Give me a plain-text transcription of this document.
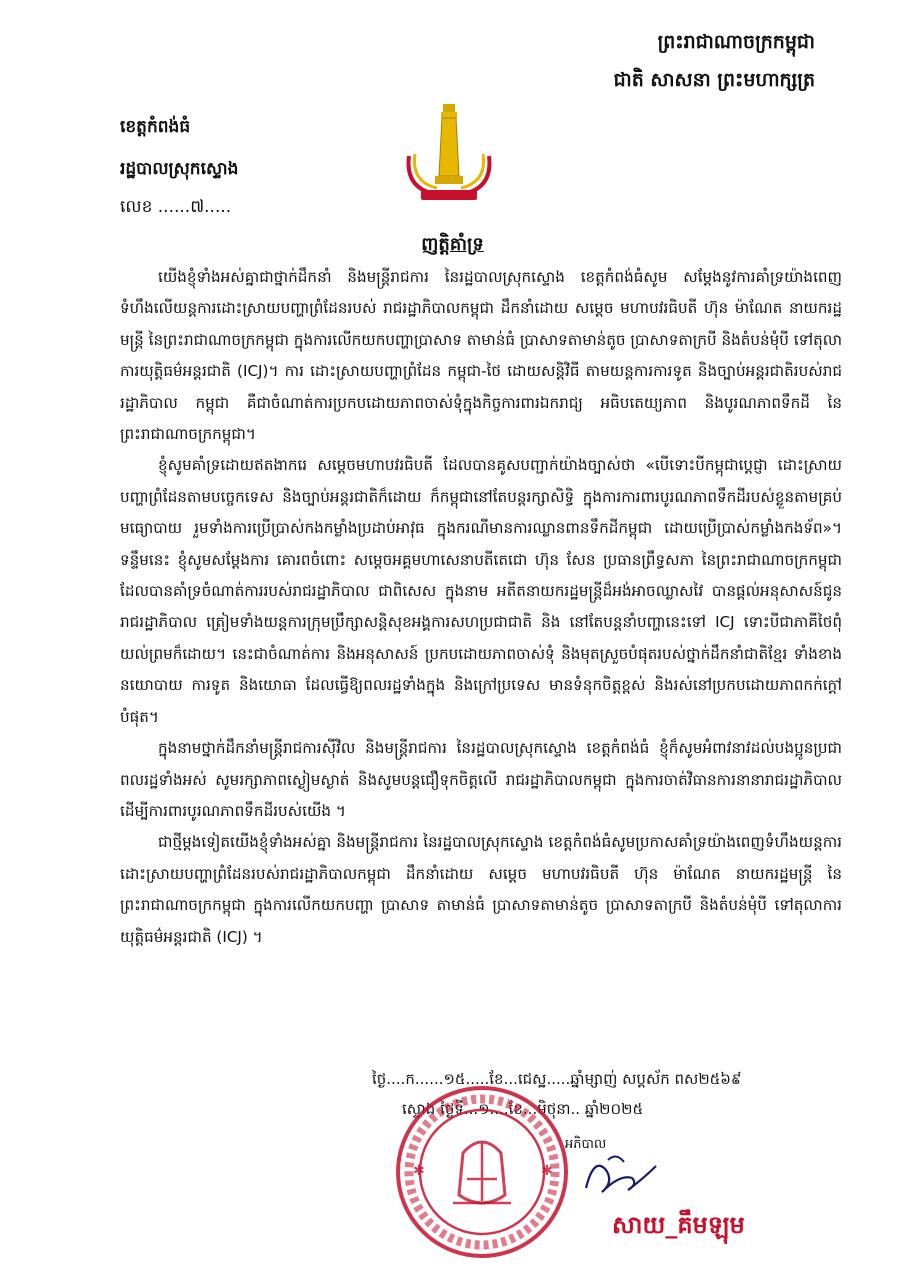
ព្រះរាជាណាចក្រកម្ពុជា
ជាតិ សាសនា ព្រះមហាក្សត្រ
ខេត្តកំពង់ធំ
រដ្ឋបាលស្រុកស្ទោង
លេខ ......៧.....
ញត្តិគាំទ្រ

យើងខ្ញុំទាំងអស់គ្នាជាថ្នាក់ដឹកនាំ និងមន្ត្រីរាជការ នៃរដ្ឋបាលស្រុកស្ទោង ខេត្តកំពង់ធំសូម សម្តែងនូវការគាំទ្រយ៉ាងពេញទំហឹងលើយន្តការដោះស្រាយបញ្ហាព្រំដែនរបស់ រាជរដ្ឋាភិបាលកម្ពុជា ដឹកនាំដោយ សម្តេច មហាបវរធិបតី ហ៊ុន ម៉ាណែត នាយករដ្ឋមន្ត្រី នៃព្រះរាជាណាចក្រកម្ពុជា ក្នុងការលើកយកបញ្ហាប្រាសាទ តាមាន់ធំ ប្រាសាទតាមាន់តូច ប្រាសាទតាក្របី និងតំបន់មុំបី ទៅតុលាការយុត្តិធម៌អន្តរជាតិ (ICJ)។ ការ ដោះស្រាយបញ្ហាព្រំដែន កម្ពុជា-ថៃ ដោយសន្តិវិធី តាមយន្តការការទូត និងច្បាប់អន្តរជាតិរបស់រាជរដ្ឋាភិបាល កម្ពុជា គឺជាចំណាត់ការប្រកបដោយភាពចាស់ទុំក្នុងកិច្ចការពារឯករាជ្យ អធិបតេយ្យភាព និងបូរណភាពទឹកដី នៃព្រះរាជាណាចក្រកម្ពុជា។

ខ្ញុំសូមគាំទ្រដោយឥតងាករេ សម្តេចមហាបវរធិបតី ដែលបានគូសបញ្ជាក់យ៉ាងច្បាស់ថា «បើទោះបីកម្ពុជាប្តេជ្ញា ដោះស្រាយបញ្ហាព្រំដែនតាមបច្ចេកទេស និងច្បាប់អន្តរជាតិក៏ដោយ ក៏កម្ពុជានៅតែបន្តរក្សាសិទ្ធិ ក្នុងការការពារបូរណភាពទឹកដីរបស់ខ្លួនតាមគ្រប់មធ្យោបាយ រួមទាំងការប្រើប្រាស់កងកម្លាំងប្រដាប់អាវុធ ក្នុងករណីមានការឈ្លានពានទឹកដីកម្ពុជា ដោយប្រើប្រាស់កម្លាំងកងទ័ព»។ ទន្ទឹមនេះ ខ្ញុំសូមសម្តែងការ គោរពចំពោះ សម្តេចអគ្គមហាសេនាបតីតេជោ ហ៊ុន សែន ប្រធានព្រឹទ្ធសភា នៃព្រះរាជាណាចក្រកម្ពុជា ដែលបានគាំទ្រចំណាត់ការរបស់រាជរដ្ឋាភិបាល ជាពិសេស ក្នុងនាម អតីតនាយករដ្ឋមន្ត្រីដ៏អង់អាចឈ្លាសវៃ បានផ្តល់អនុសាសន៍ជូនរាជរដ្ឋាភិបាល ត្រៀមទាំងយន្តការក្រុមប្រឹក្សាសន្តិសុខអង្គការសហប្រជាជាតិ និង នៅតែបន្តនាំបញ្ហានេះទៅ ICJ ទោះបីជាភាគីថៃពុំយល់ព្រមក៏ដោយ។ នេះជាចំណាត់ការ និងអនុសាសន៍ ប្រកបដោយភាពចាស់ទុំ និងមុតស្រួចបំផុតរបស់ថ្នាក់ដឹកនាំជាតិខ្មែរ ទាំងខាងនយោបាយ ការទូត និងយោធា ដែលធ្វើឱ្យពលរដ្ឋទាំងក្នុង និងក្រៅប្រទេស មានទំនុកចិត្តខ្ពស់ និងរស់នៅប្រកបដោយភាពកក់ក្តៅបំផុត។

ក្នុងនាមថ្នាក់ដឹកនាំមន្ត្រីរាជការស៊ីវិល និងមន្ត្រីរាជការ នៃរដ្ឋបាលស្រុកស្ទោង ខេត្តកំពង់ធំ ខ្ញុំក៏សូមអំពាវនាវដល់បងប្អូនប្រជាពលរដ្ឋទាំងអស់ សូមរក្សាភាពស្ងៀមស្ងាត់ និងសូមបន្តជឿទុកចិត្តលើ រាជរដ្ឋាភិបាលកម្ពុជា ក្នុងការចាត់វិធានការនានារាជរដ្ឋាភិបាល ដើម្បីការពារបូរណភាពទឹកដីរបស់យើង ។

ជាថ្មីម្តងទៀតយើងខ្ញុំទាំងអស់គ្នា និងមន្ត្រីរាជការ នៃរដ្ឋបាលស្រុកស្ទោង ខេត្តកំពង់ធំសូមប្រកាសគាំទ្រយ៉ាងពេញទំហឹងយន្តការដោះស្រាយបញ្ហាព្រំដែនរបស់រាជរដ្ឋាភិបាលកម្ពុជា ដឹកនាំដោយ សម្តេច មហាបវរធិបតី ហ៊ុន ម៉ាណែត នាយករដ្ឋមន្ត្រី នៃព្រះរាជាណាចក្រកម្ពុជា ក្នុងការលើកយកបញ្ហា ប្រាសាទ តាមាន់ធំ ប្រាសាទតាមាន់តូច ប្រាសាទតាក្របី និងតំបន់មុំបី ទៅតុលាការយុត្តិធម៌អន្តរជាតិ (ICJ) ។

ថ្ងៃ....ក......១៥.....ខែ...ជេស្ឋ.....ឆ្នាំម្សាញ់ សប្តស័ក ពស២៥៦៩
ស្ទោង ថ្ងៃទី...១....ខែ...មិថុនា.. ឆ្នាំ២០២៥
✱	✱
អភិបាល
សាយ_គឹមឡុម
